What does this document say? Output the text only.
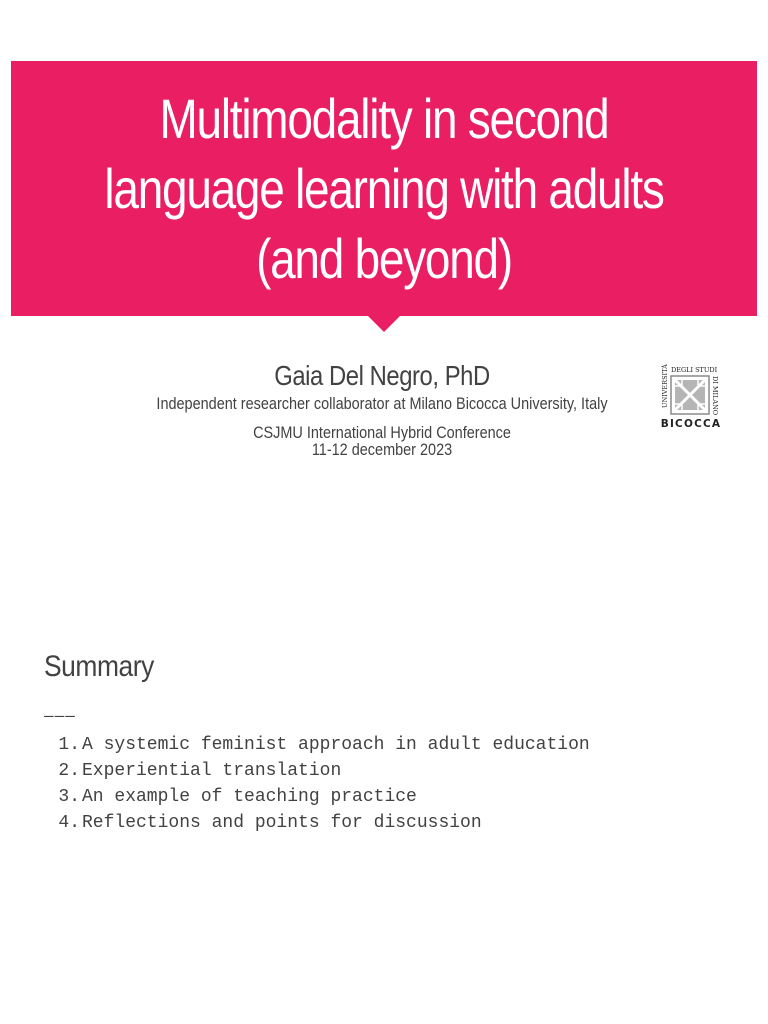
Multimodality in second
language learning with adults
(and beyond)
Gaia Del Negro, PhD
Independent researcher collaborator at Milano Bicocca University, Italy
CSJMU International Hybrid Conference
11-12 december 2023
UNIVERSITÀ DEGLI STUDI
DI MILANO
BICOCCA
Summary
———
1. A systemic feminist approach in adult education
2. Experiential translation
3. An example of teaching practice
4. Reflections and points for discussion
